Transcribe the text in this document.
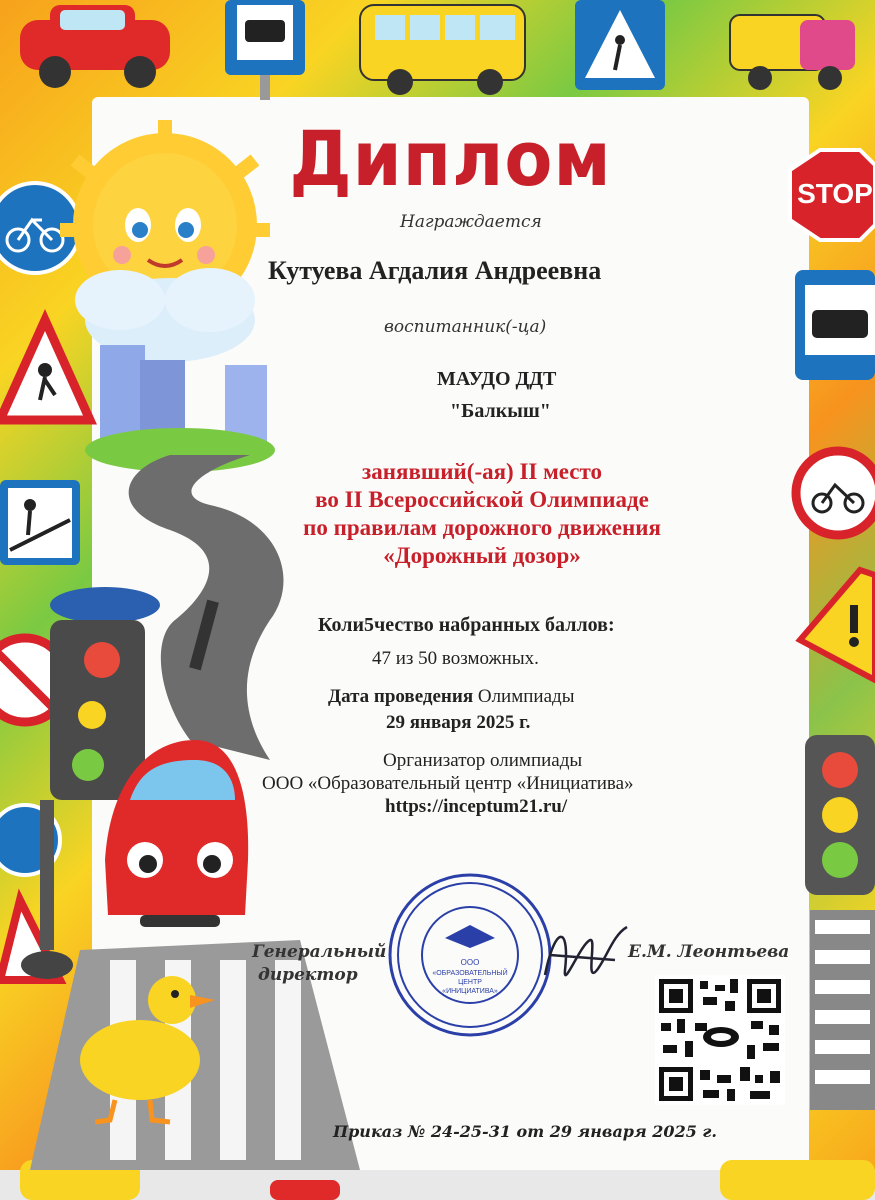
STOP
Диплом
Награждается
Кутуева Агдалия Андреевна
воспитанник(-ца)
МАУДО ДДТ
"Балкыш"
занявший(-ая) II место
во II Всероссийской Олимпиаде
по правилам дорожного движения
«Дорожный дозор»
Коли5чество набранных баллов:
47 из 50 возможных.
Дата проведения Олимпиады
29 января 2025 г.
Организатор олимпиады
ООО «Образовательный центр «Инициатива»
https://inceptum21.ru/
Генеральный
директор
Е.М. Леонтьева
ООО
«ОБРАЗОВАТЕЛЬНЫЙ
ЦЕНТР
«ИНИЦИАТИВА»
Приказ № 24-25-31 от 29 января 2025 г.
